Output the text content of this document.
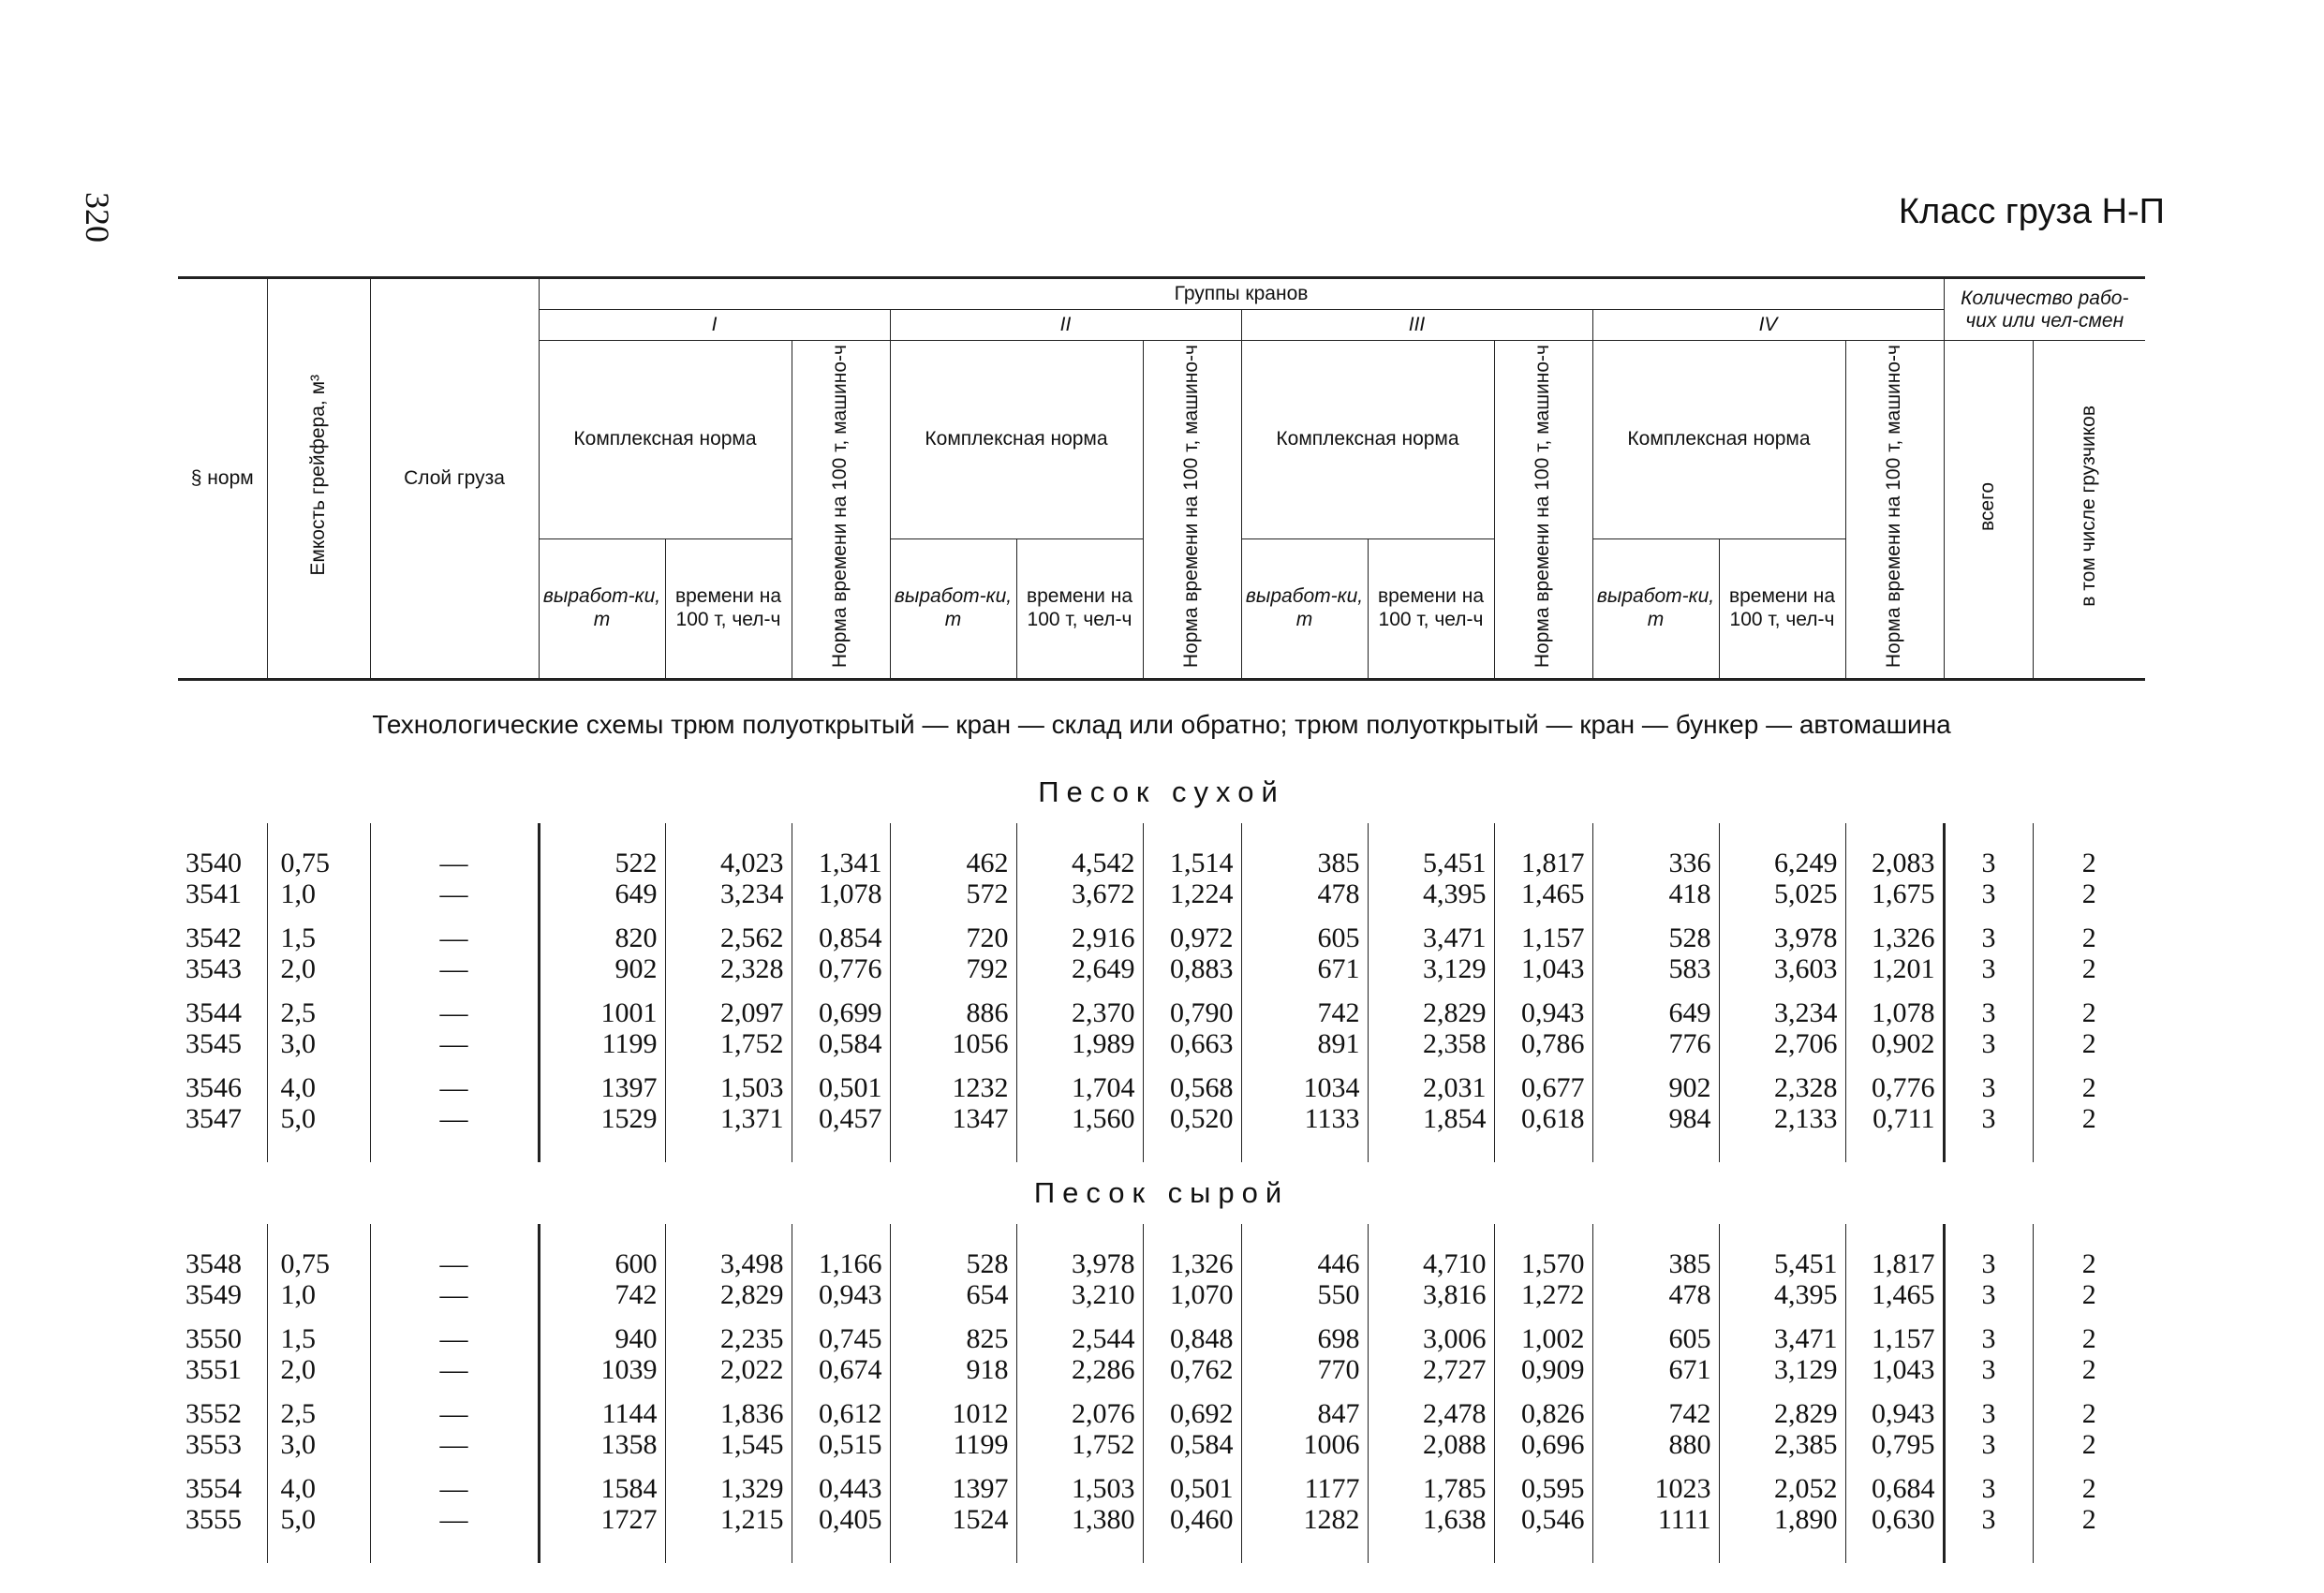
320	Класс груза Н-П
§ норм	Емкость грейфера, м³	Слой груза	Группы кранов												Количество рабо-чих или чел-смен	
			I			II			III			IV				
			Комплексная норма		Норма времени на 100 т, машино-ч	Комплексная норма		Норма времени на 100 т, машино-ч	Комплексная норма		Норма времени на 100 т, машино-ч	Комплексная норма		Норма времени на 100 т, машино-ч	всего	в том числе грузчиков
			выработ-ки, т	времени на 100 т, чел-ч		выработ-ки, т	времени на 100 т, чел-ч		выработ-ки, т	времени на 100 т, чел-ч		выработ-ки, т	времени на 100 т, чел-ч			
Технологические схемы трюм полуоткрытый — кран — склад или обратно; трюм полуоткрытый — кран — бункер — автомашина																
Песок сухой																

3540	0,75	—	522	4,023	1,341	462	4,542	1,514	385	5,451	1,817	336	6,249	2,083	3	2
3541	1,0	—	649	3,234	1,078	572	3,672	1,224	478	4,395	1,465	418	5,025	1,675	3	2

3542	1,5	—	820	2,562	0,854	720	2,916	0,972	605	3,471	1,157	528	3,978	1,326	3	2
3543	2,0	—	902	2,328	0,776	792	2,649	0,883	671	3,129	1,043	583	3,603	1,201	3	2

3544	2,5	—	1001	2,097	0,699	886	2,370	0,790	742	2,829	0,943	649	3,234	1,078	3	2
3545	3,0	—	1199	1,752	0,584	1056	1,989	0,663	891	2,358	0,786	776	2,706	0,902	3	2

3546	4,0	—	1397	1,503	0,501	1232	1,704	0,568	1034	2,031	0,677	902	2,328	0,776	3	2
3547	5,0	—	1529	1,371	0,457	1347	1,560	0,520	1133	1,854	0,618	984	2,133	0,711	3	2

Песок сырой																

3548	0,75	—	600	3,498	1,166	528	3,978	1,326	446	4,710	1,570	385	5,451	1,817	3	2
3549	1,0	—	742	2,829	0,943	654	3,210	1,070	550	3,816	1,272	478	4,395	1,465	3	2

3550	1,5	—	940	2,235	0,745	825	2,544	0,848	698	3,006	1,002	605	3,471	1,157	3	2
3551	2,0	—	1039	2,022	0,674	918	2,286	0,762	770	2,727	0,909	671	3,129	1,043	3	2

3552	2,5	—	1144	1,836	0,612	1012	2,076	0,692	847	2,478	0,826	742	2,829	0,943	3	2
3553	3,0	—	1358	1,545	0,515	1199	1,752	0,584	1006	2,088	0,696	880	2,385	0,795	3	2

3554	4,0	—	1584	1,329	0,443	1397	1,503	0,501	1177	1,785	0,595	1023	2,052	0,684	3	2
3555	5,0	—	1727	1,215	0,405	1524	1,380	0,460	1282	1,638	0,546	1111	1,890	0,630	3	2
